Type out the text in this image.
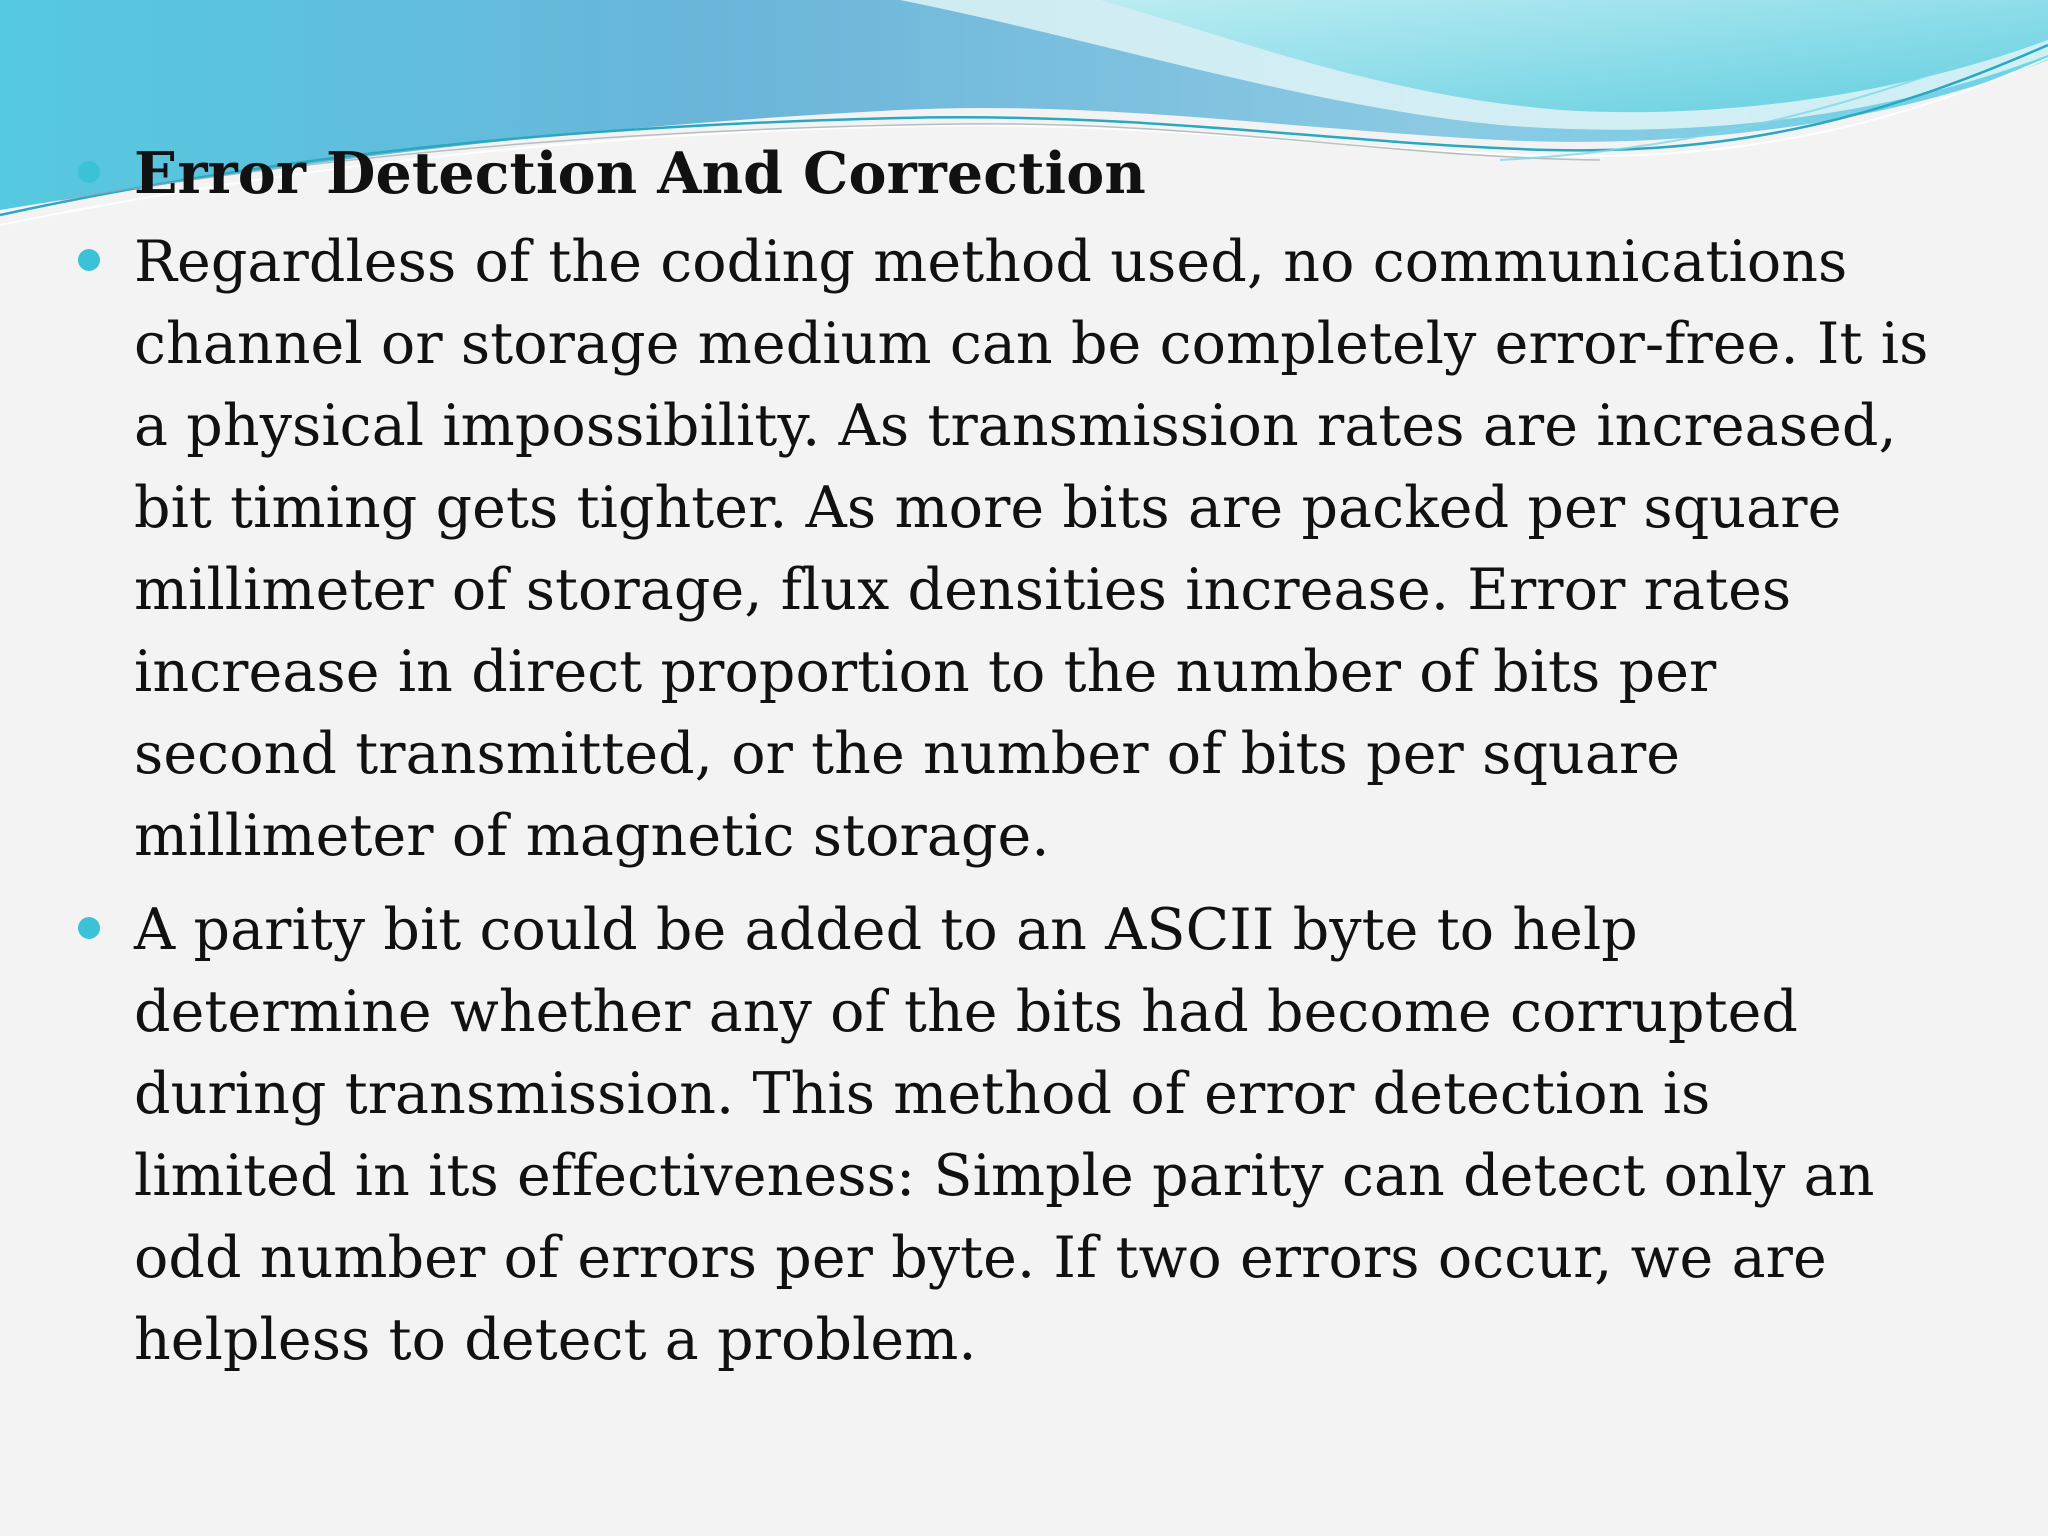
Error Detection And Correction
Regardless of the coding method used, no communications
channel or storage medium can be completely error-free. It is
a physical impossibility. As transmission rates are increased,
bit timing gets tighter. As more bits are packed per square
millimeter of storage, flux densities increase. Error rates
increase in direct proportion to the number of bits per
second transmitted, or the number of bits per square
millimeter of magnetic storage.
A parity bit could be added to an ASCII byte to help
determine whether any of the bits had become corrupted
during transmission. This method of error detection is
limited in its effectiveness: Simple parity can detect only an
odd number of errors per byte. If two errors occur, we are
helpless to detect a problem.
